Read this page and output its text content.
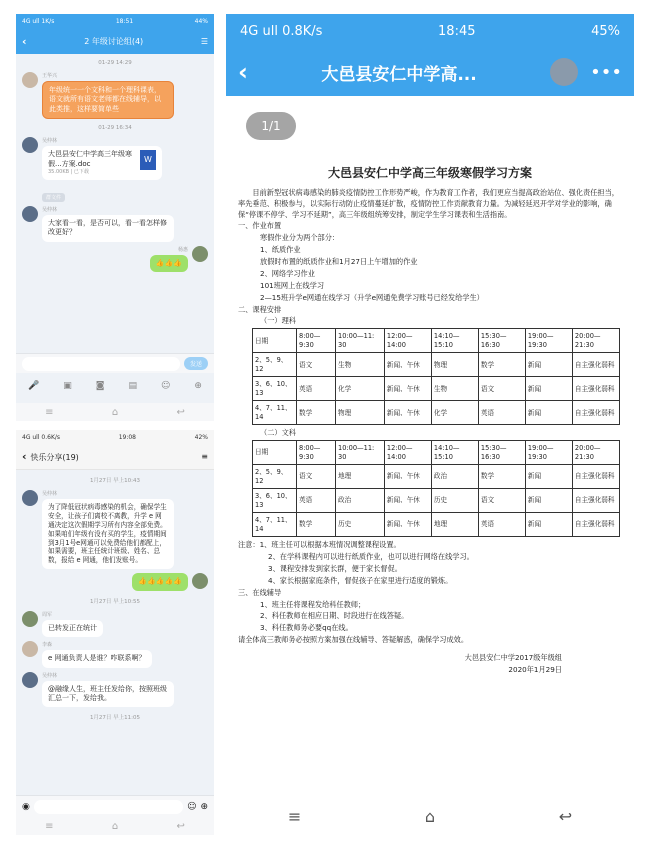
4G ull 1K/s	18:51	44%
‹	2 年级讨论组(4)	☰
01-29 14:29
王华兴
年级统一一个文科和一个理科课表，语文就所有语文老师都在线辅导，以此类推，这样要简单些
01-29 16:34
吴仲林
大邑县安仁中学高三年级寒假...方案.doc
35.00KB | 已下载
W
群文件
吴仲林
大家看一看，是否可以，看一看怎样修改更好？
杨惠
👍👍👍
发送
🎤	▣	◙	▤	☺	⊕
≡	⌂	↩
4G ull 0.6K/s	19:08	42%
‹ 快乐分享(19)	≡
1月27日 早上10:43
吴仲林
为了降低冠状病毒感染的机会，确保学生安全，让孩子们离校不离教，升学 e 网通决定这次假期学习所有内容全部免费。如果咱们年级有没有买的学生，疫情期间到3月1号e网通可以免费给他们都配上，如果需要，班主任统计班级、姓名、总数，报给 e 网通，他们发账号。
👍👍👍👍👍
1月27日 早上10:55
周军
已转发正在统计
李森
e 网通负责人是谁？咋联系啊？
吴仲林
@融缘人生，班主任发给你，按照班级汇总一下，发给我。
1月27日 早上11:05
◉	☺ ⊕
≡	⌂	↩
4G ull 0.8K/s	18:45	45%
‹	大邑县安仁中学高...	•••
1/1
大邑县安仁中学高三年级寒假学习方案
目前新型冠状病毒感染的肺炎疫情防控工作形势严峻，作为教育工作者，我们更应当提高政治站位、强化责任担当，率先垂范、积极参与，以实际行动防止疫情蔓延扩散，疫情防控工作贡献教育力量。为减轻延迟开学对学业的影响，确保“停课不停学、学习不延期”，高三年级组统筹安排，制定学生学习课表和生活指南。
一、作业布置
寒假作业分为两个部分：
1、纸质作业
放假时布置的纸质作业和1月27日上午增加的作业
2、网络学习作业
101班网上在线学习
2—15班升学e网通在线学习（升学e网通免费学习账号已经发给学生）
二、课程安排
（一）理科
日期	8:00—9:30	10:00—11: 30	12:00—14:00	14:10—15:10	15:30—16:30	19:00—19:30	20:00—21:30
2、5、9、12	语文	生物	新闻、午休	物理	数学	新闻	自主强化弱科
3、6、10、13	英语	化学	新闻、午休	生物	语文	新闻	自主强化弱科
4、7、11、14	数学	物理	新闻、午休	化学	英语	新闻	自主强化弱科
（二）文科
日期	8:00—9:30	10:00—11: 30	12:00—14:00	14:10—15:10	15:30—16:30	19:00—19:30	20:00—21:30
2、5、9、12	语文	地理	新闻、午休	政治	数学	新闻	自主强化弱科
3、6、10、13	英语	政治	新闻、午休	历史	语文	新闻	自主强化弱科
4、7、11、14	数学	历史	新闻、午休	地理	英语	新闻	自主强化弱科
注意：1、班主任可以根据本班情况调整课程设置。
2、在学科课程内可以进行纸质作业，也可以进行网络在线学习。
3、课程安排发到家长群，便于家长督促。
4、家长根据家庭条件，督促孩子在家里进行适度的锻炼。
三、在线辅导
1、班主任将课程发给科任教师；
2、科任教师在相应日期、时段进行在线答疑。
3、科任教师务必要qq在线。
请全体高三教师务必按照方案加强在线辅导、答疑解惑，确保学习成效。
大邑县安仁中学2017级年级组
2020年1月29日
≡	⌂	↩
